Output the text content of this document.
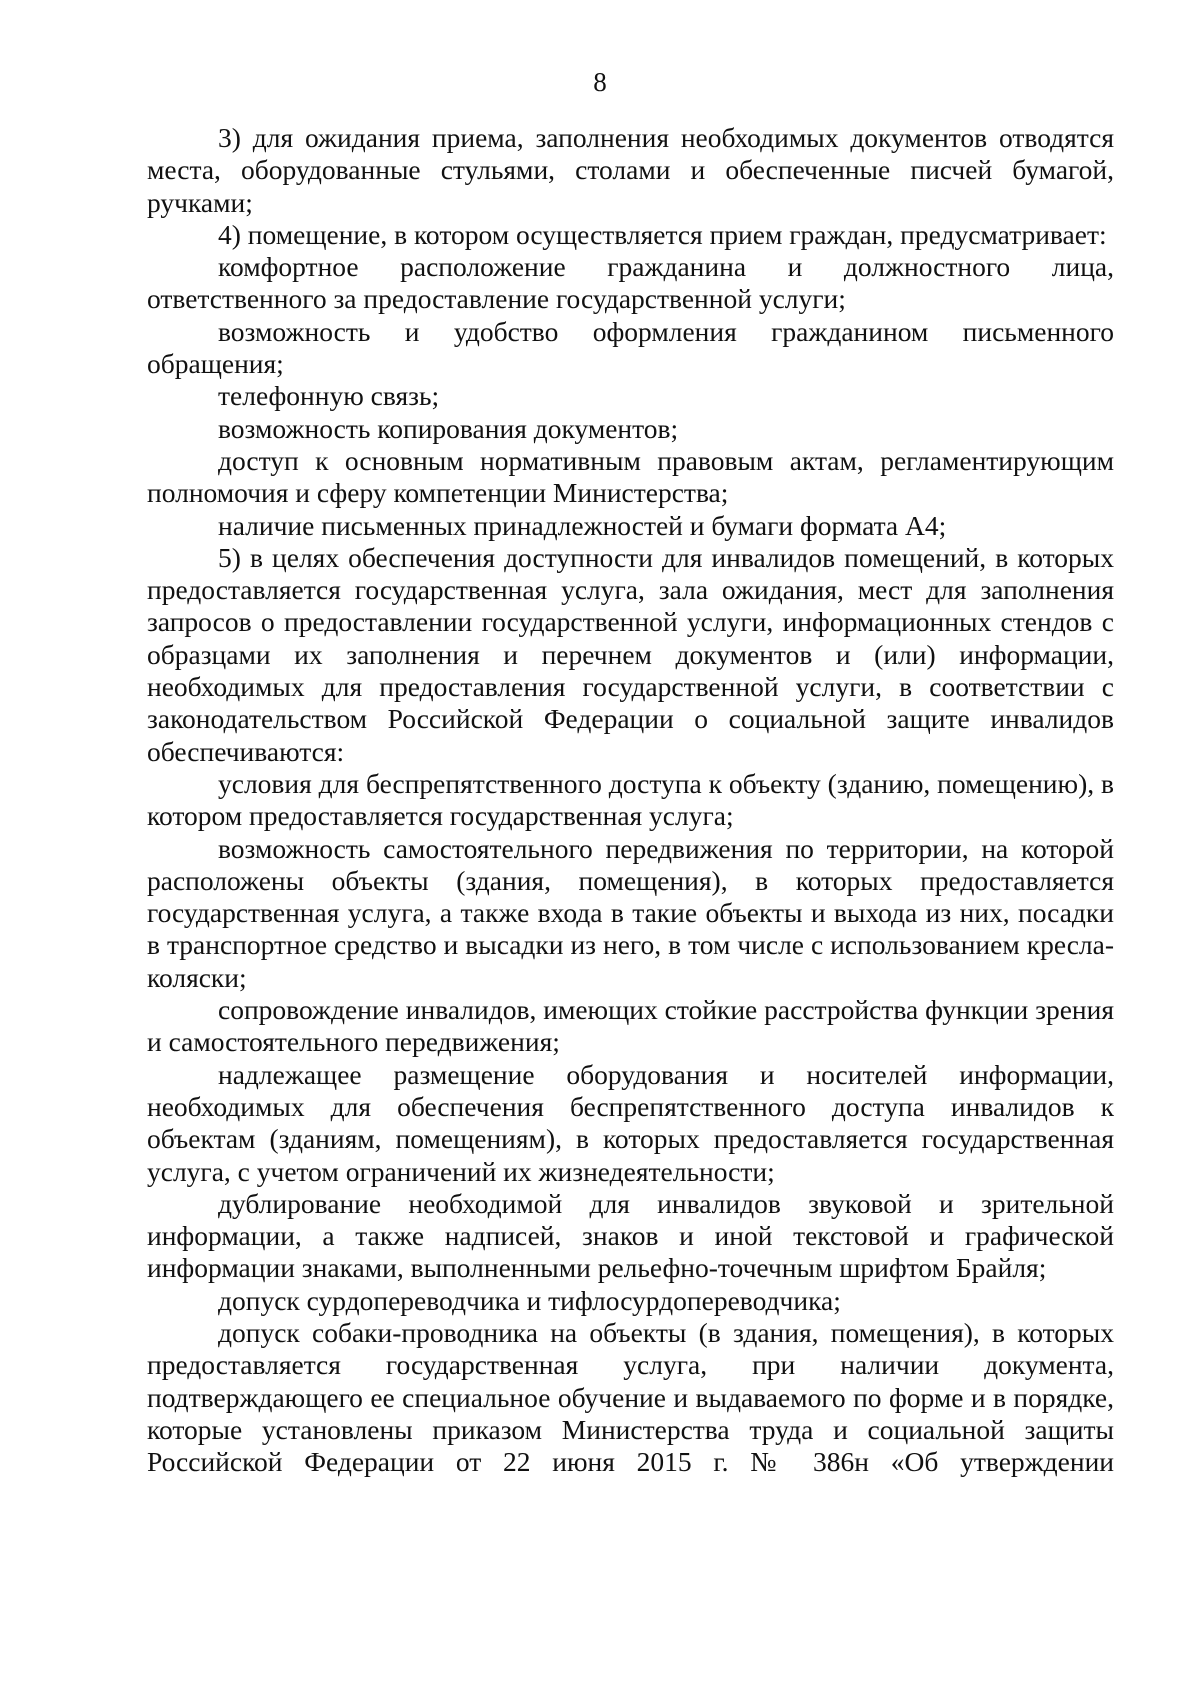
8

3) для ожидания приема, заполнения необходимых документов отводятся места, оборудованные стульями, столами и обеспеченные писчей бумагой, ручками;

4) помещение, в котором осуществляется прием граждан, предусматривает:

комфортное расположение гражданина и должностного лица, ответственного за предоставление государственной услуги;

возможность и удобство оформления гражданином письменного обращения;

телефонную связь;

возможность копирования документов;

доступ к основным нормативным правовым актам, регламентирующим полномочия и сферу компетенции Министерства;

наличие письменных принадлежностей и бумаги формата А4;

5) в целях обеспечения доступности для инвалидов помещений, в которых предоставляется государственная услуга, зала ожидания, мест для заполнения запросов о предоставлении государственной услуги, информационных стендов с образцами их заполнения и перечнем документов и (или) информации, необходимых для предоставления государственной услуги, в соответствии с законодательством Российской Федерации о социальной защите инвалидов обеспечиваются:

условия для беспрепятственного доступа к объекту (зданию, помещению), в котором предоставляется государственная услуга;

возможность самостоятельного передвижения по территории, на которой расположены объекты (здания, помещения), в которых предоставляется государственная услуга, а также входа в такие объекты и выхода из них, посадки в транспортное средство и высадки из него, в том числе с использованием кресла-коляски;

сопровождение инвалидов, имеющих стойкие расстройства функции зрения и самостоятельного передвижения;

надлежащее размещение оборудования и носителей информации, необходимых для обеспечения беспрепятственного доступа инвалидов к объектам (зданиям, помещениям), в которых предоставляется государственная услуга, с учетом ограничений их жизнедеятельности;

дублирование необходимой для инвалидов звуковой и зрительной информации, а также надписей, знаков и иной текстовой и графической информации знаками, выполненными рельефно-точечным шрифтом Брайля;

допуск сурдопереводчика и тифлосурдопереводчика;

допуск собаки-проводника на объекты (в здания, помещения), в которых предоставляется государственная услуга, при наличии документа, подтверждающего ее специальное обучение и выдаваемого по форме и в порядке, которые установлены приказом Министерства труда и социальной защиты Российской Федерации от 22 июня 2015 г. № 386н «Об утверждении
